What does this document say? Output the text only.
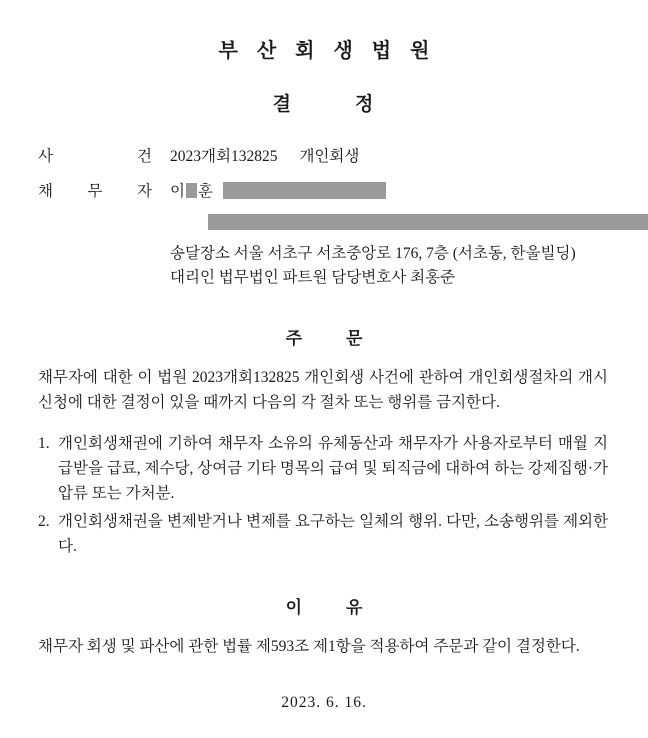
부 산 회 생 법 원
결	정
사	건 2023개회132825 개인회생
채 무 자 이 훈
송달장소 서울 서초구 서초중앙로 176, 7층 (서초동, 한울빌딩)
대리인 법무법인 파트원 담당변호사 최홍준
주	문
채무자에 대한 이 법원 2023개회132825 개인회생 사건에 관하여 개인회생절차의 개시 신청에 대한 결정이 있을 때까지 다음의 각 절차 또는 행위를 금지한다.
1. 개인회생채권에 기하여 채무자 소유의 유체동산과 채무자가 사용자로부터 매월 지급받을 급료, 제수당, 상여금 기타 명목의 급여 및 퇴직금에 대하여 하는 강제집행·가압류 또는 가처분.
2. 개인회생채권을 변제받거나 변제를 요구하는 일체의 행위. 다만, 소송행위를 제외한다.
이	유
채무자 회생 및 파산에 관한 법률 제593조 제1항을 적용하여 주문과 같이 결정한다.
2023. 6. 16.
